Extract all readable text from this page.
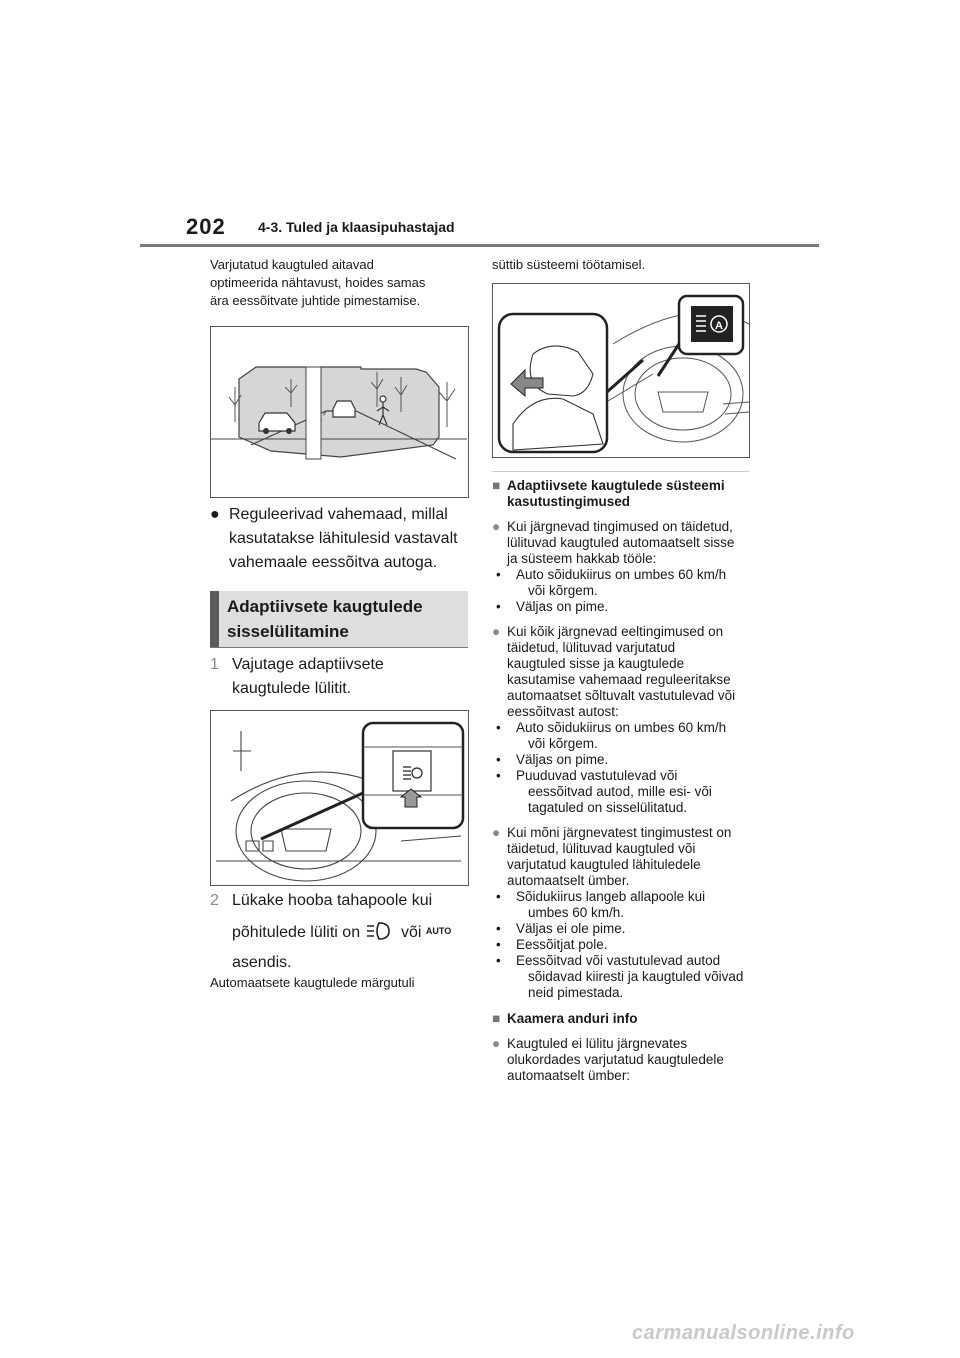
202 4-3. Tuled ja klaasipuhastajad
Varjutatud kaugtuled aitavad
optimeerida nähtavust, hoides samas
ära eessõitvate juhtide pimestamise.
● Reguleerivad vahemaad, millal
kasutatakse lähitulesid vastavalt
vahemaale eessõitva autoga.
Adaptiivsete kaugtulede
sisselülitamine
1 Vajutage adaptiivsete
kaugtulede lülitit.
2 Lükake hooba tahapoole kui
põhitulede lüliti on	või AUTO
asendis.
Automaatsete kaugtulede märgutuli
süttib süsteemi töötamisel.
A
■ Adaptiivsete kaugtulede süsteemi
kasutustingimused
● Kui järgnevad tingimused on täidetud,
lülituvad kaugtuled automaatselt sisse
ja süsteem hakkab tööle:
• Auto sõidukiirus on umbes 60 km/h
või kõrgem.
• Väljas on pime.
● Kui kõik järgnevad eeltingimused on
täidetud, lülituvad varjutatud
kaugtuled sisse ja kaugtulede
kasutamise vahemaad reguleeritakse
automaatset sõltuvalt vastutulevad või
eessõitvast autost:
• Auto sõidukiirus on umbes 60 km/h
või kõrgem.
• Väljas on pime.
• Puuduvad vastutulevad või
eessõitvad autod, mille esi- või
tagatuled on sisselülitatud.
● Kui mõni järgnevatest tingimustest on
täidetud, lülituvad kaugtuled või
varjutatud kaugtuled lähituledele
automaatselt ümber.
• Sõidukiirus langeb allapoole kui
umbes 60 km/h.
• Väljas ei ole pime.
• Eessõitjat pole.
• Eessõitvad või vastutulevad autod
sõidavad kiiresti ja kaugtuled võivad
neid pimestada.
■ Kaamera anduri info
● Kaugtuled ei lülitu järgnevates
olukordades varjutatud kaugtuledele
automaatselt ümber:
carmanualsonline.info
